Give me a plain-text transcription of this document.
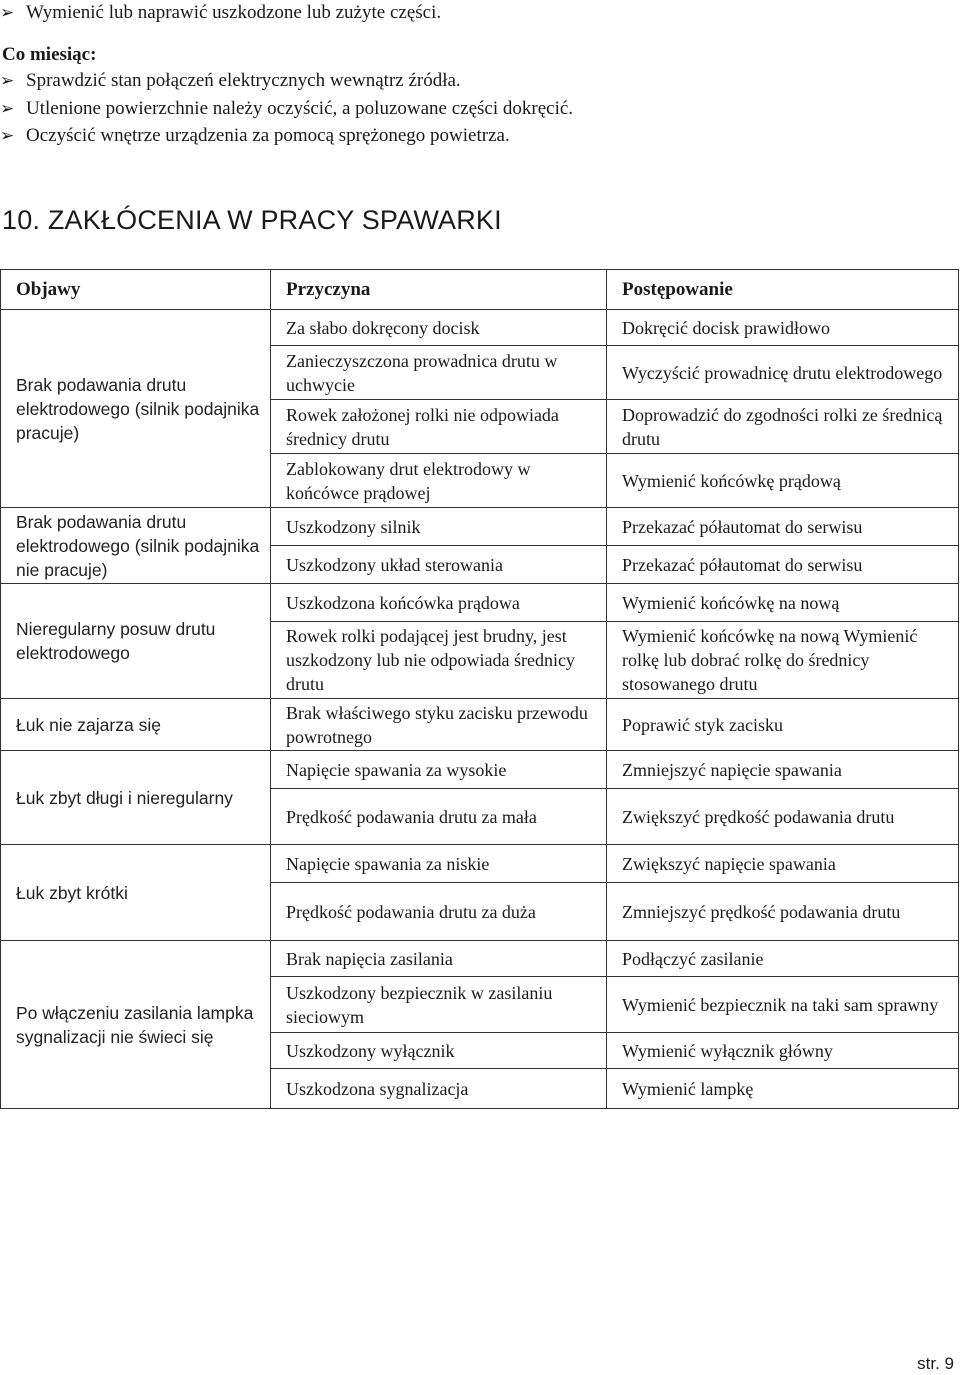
➢ Wymienić lub naprawić uszkodzone lub zużyte części.
Co miesiąc:
➢ Sprawdzić stan połączeń elektrycznych wewnątrz źródła.
➢ Utlenione powierzchnie należy oczyścić, a poluzowane części dokręcić.
➢ Oczyścić wnętrze urządzenia za pomocą sprężonego powietrza.
10. ZAKŁÓCENIA W PRACY SPAWARKI
Objawy	Przyczyna	Postępowanie
Brak podawania drutu elektrodowego (silnik podajnika pracuje)	Za słabo dokręcony docisk	Dokręcić docisk prawidłowo
	Zanieczyszczona prowadnica drutu w uchwycie	Wyczyścić prowadnicę drutu elektrodowego
	Rowek założonej rolki nie odpowiada średnicy drutu	Doprowadzić do zgodności rolki ze średnicą drutu
	Zablokowany drut elektrodowy w końcówce prądowej	Wymienić końcówkę prądową
Brak podawania drutu elektrodowego (silnik podajnika nie pracuje)	Uszkodzony silnik	Przekazać półautomat do serwisu
	Uszkodzony układ sterowania	Przekazać półautomat do serwisu
Nieregularny posuw drutu elektrodowego	Uszkodzona końcówka prądowa	Wymienić końcówkę na nową
	Rowek rolki podającej jest brudny, jest uszkodzony lub nie odpowiada średnicy drutu	Wymienić końcówkę na nową Wymienić rolkę lub dobrać rolkę do średnicy stosowanego drutu
Łuk nie zajarza się	Brak właściwego styku zacisku przewodu powrotnego	Poprawić styk zacisku
Łuk zbyt długi i nieregularny	Napięcie spawania za wysokie	Zmniejszyć napięcie spawania
	Prędkość podawania drutu za mała	Zwiększyć prędkość podawania drutu
Łuk zbyt krótki	Napięcie spawania za niskie	Zwiększyć napięcie spawania
	Prędkość podawania drutu za duża	Zmniejszyć prędkość podawania drutu
Po włączeniu zasilania lampka sygnalizacji nie świeci się	Brak napięcia zasilania	Podłączyć zasilanie
	Uszkodzony bezpiecznik w zasilaniu sieciowym	Wymienić bezpiecznik na taki sam sprawny
	Uszkodzony wyłącznik	Wymienić wyłącznik główny
	Uszkodzona sygnalizacja	Wymienić lampkę
str. 9
